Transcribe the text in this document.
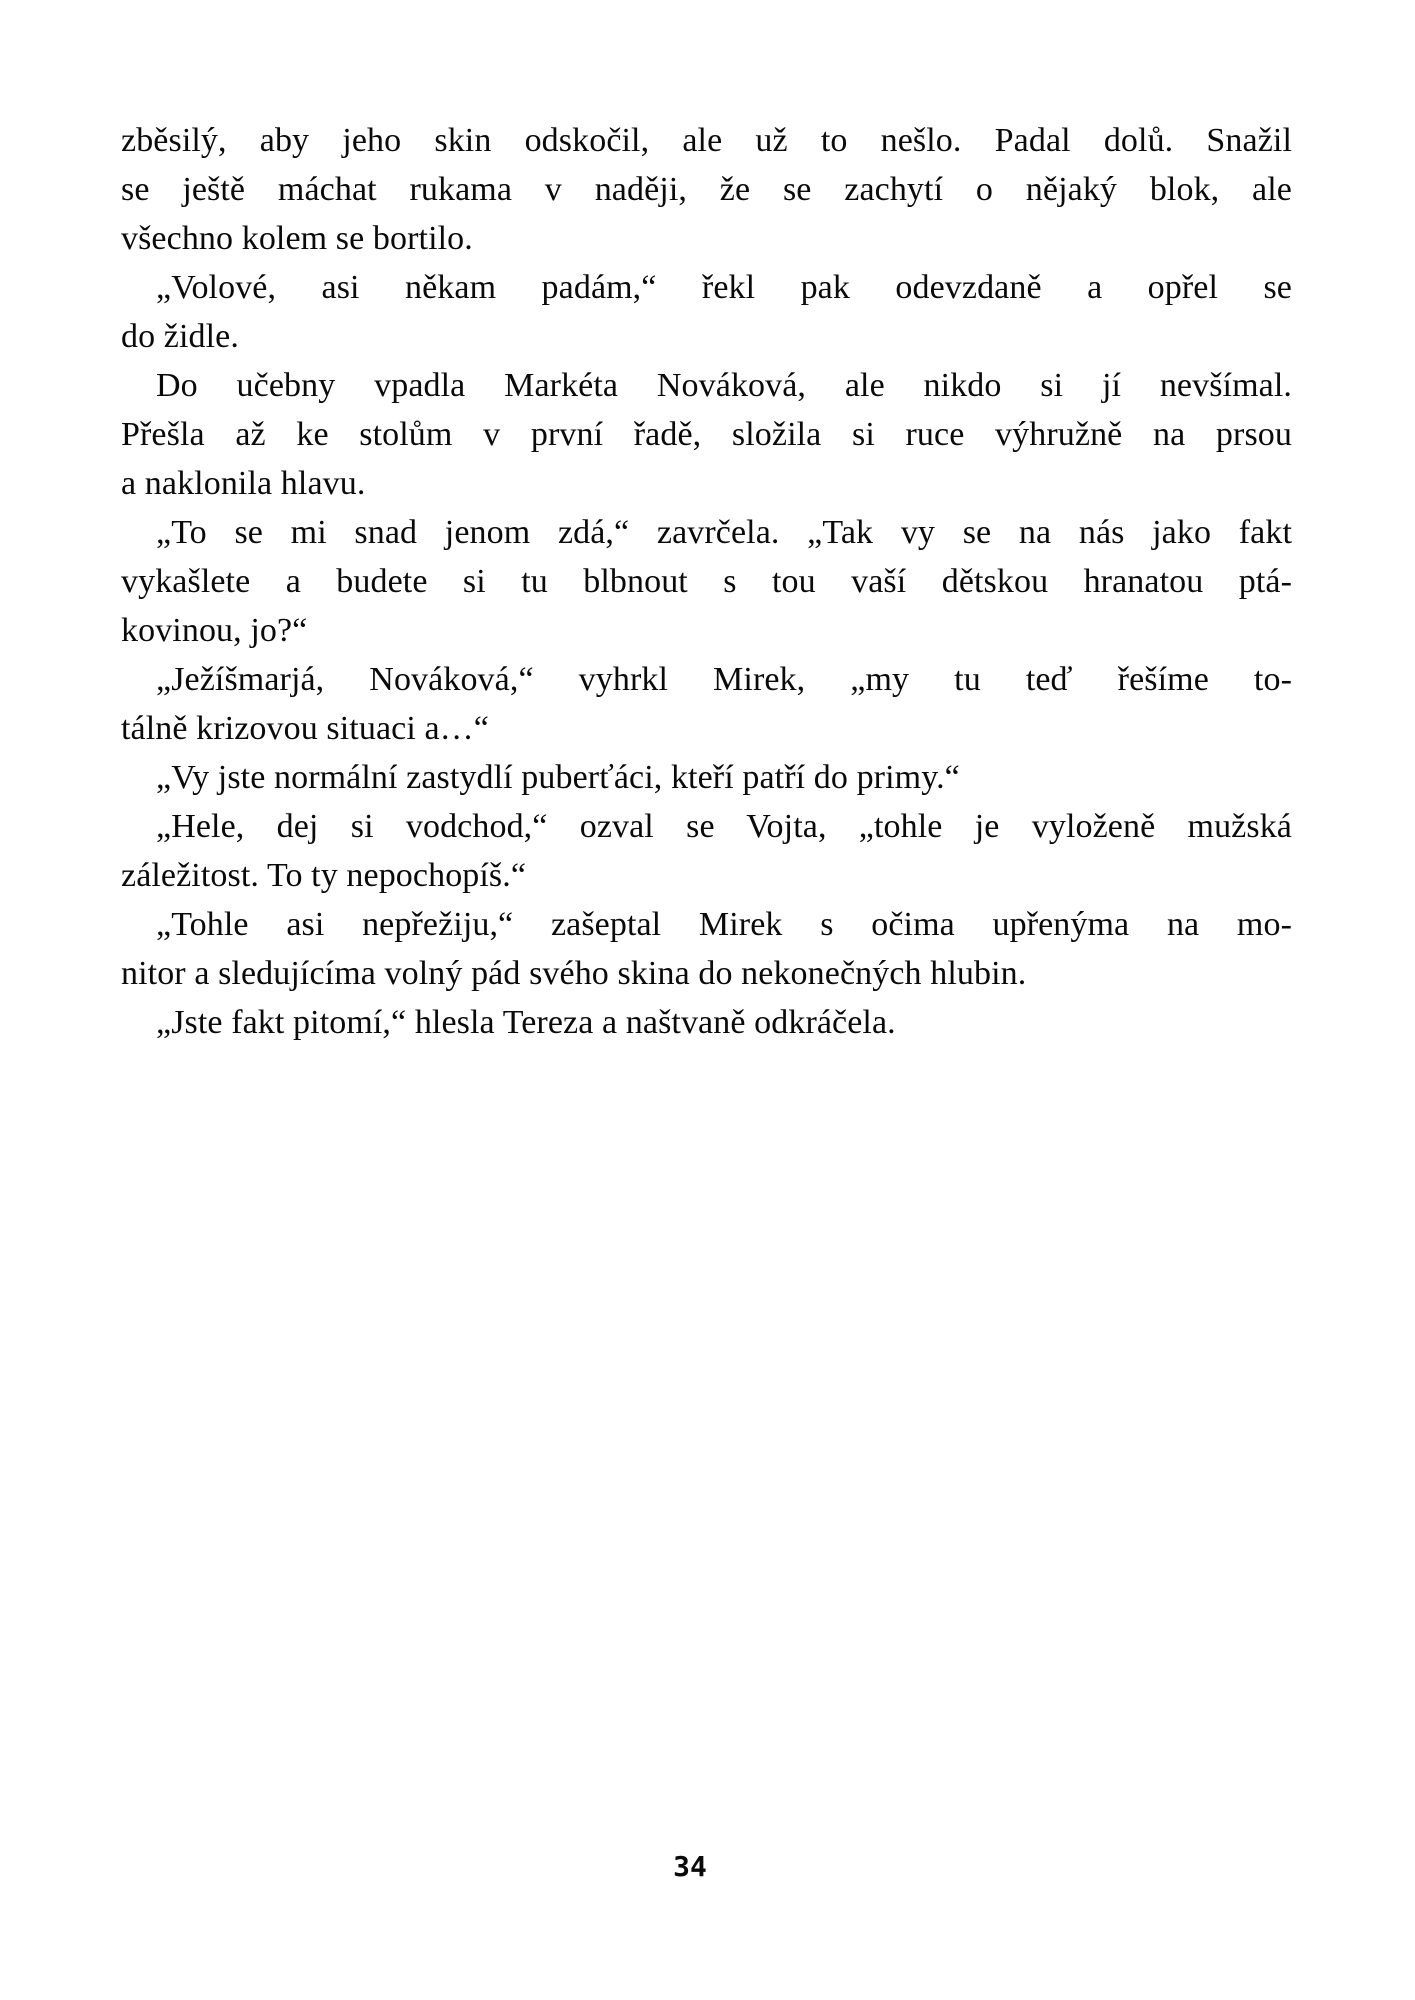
zběsilý, aby jeho skin odskočil, ale už to nešlo. Padal dolů. Snažil
se ještě máchat rukama v naději, že se zachytí o nějaký blok, ale
všechno kolem se bortilo.
„Volové, asi někam padám,“ řekl pak odevzdaně a opřel se
do židle.
Do učebny vpadla Markéta Nováková, ale nikdo si jí nevšímal.
Přešla až ke stolům v první řadě, složila si ruce výhružně na prsou
a naklonila hlavu.
„To se mi snad jenom zdá,“ zavrčela. „Tak vy se na nás jako fakt
vykašlete a budete si tu blbnout s tou vaší dětskou hranatou ptá-
kovinou, jo?“
„Ježíšmarjá, Nováková,“ vyhrkl Mirek, „my tu teď řešíme to-
tálně krizovou situaci a…“
„Vy jste normální zastydlí puberťáci, kteří patří do primy.“
„Hele, dej si vodchod,“ ozval se Vojta, „tohle je vyloženě mužská
záležitost. To ty nepochopíš.“
„Tohle asi nepřežiju,“ zašeptal Mirek s očima upřenýma na mo-
nitor a sledujícíma volný pád svého skina do nekonečných hlubin.
„Jste fakt pitomí,“ hlesla Tereza a naštvaně odkráčela.
34
